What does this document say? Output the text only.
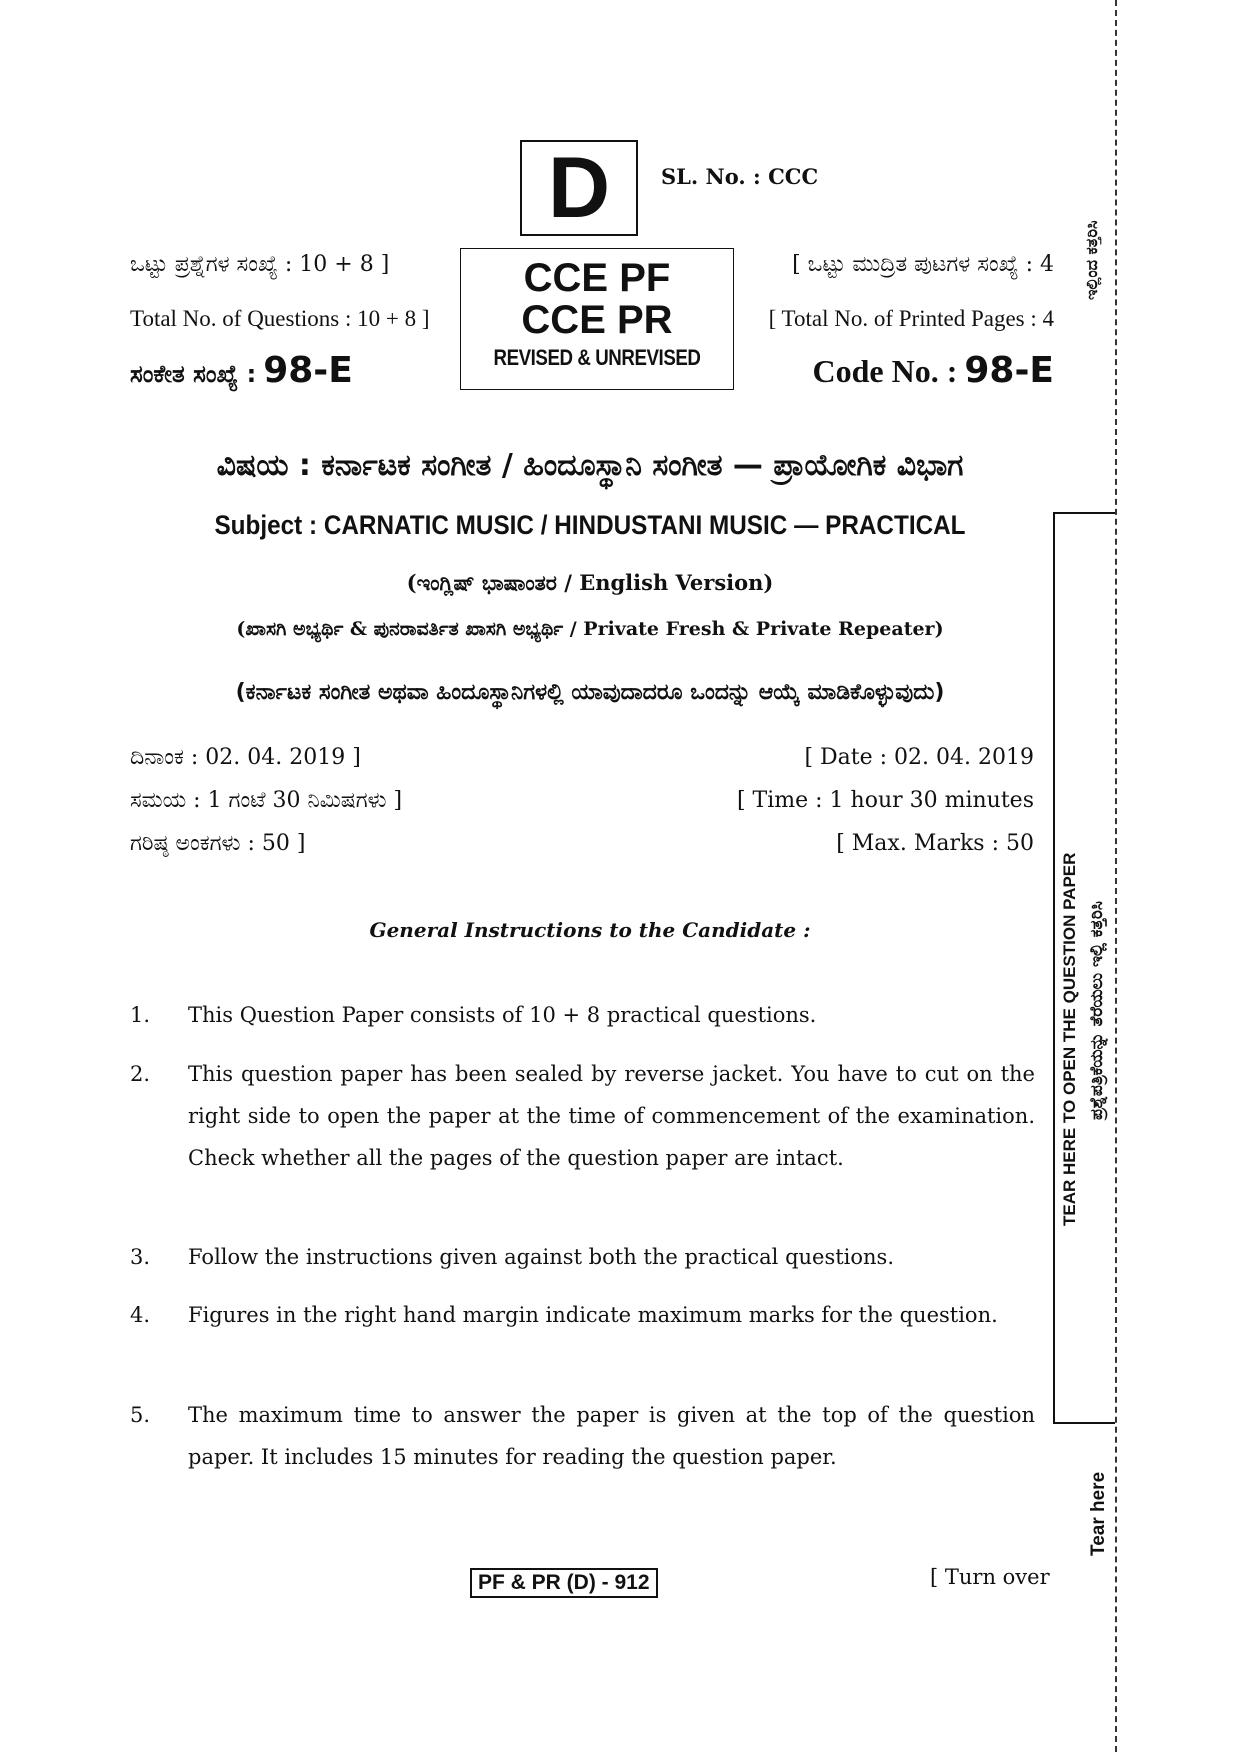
D SL. No. : CCC
ಒಟ್ಟು ಪ್ರಶ್ನೆಗಳ ಸಂಖ್ಯೆ : 10 + 8 ]
Total No. of Questions : 10 + 8 ]
ಸಂಕೇತ ಸಂಖ್ಯೆ : 98-E
CCE PF
CCE PR
REVISED & UNREVISED
[ ಒಟ್ಟು ಮುದ್ರಿತ ಪುಟಗಳ ಸಂಖ್ಯೆ : 4
[ Total No. of Printed Pages : 4
Code No. : 98-E
ವಿಷಯ : ಕರ್ನಾಟಕ ಸಂಗೀತ / ಹಿಂದೂಸ್ಥಾನಿ ಸಂಗೀತ — ಪ್ರಾಯೋಗಿಕ ವಿಭಾಗ
Subject : CARNATIC MUSIC / HINDUSTANI MUSIC — PRACTICAL
(ಇಂಗ್ಲಿಷ್ ಭಾಷಾಂತರ / English Version)
(ಖಾಸಗಿ ಅಭ್ಯರ್ಥಿ & ಪುನರಾವರ್ತಿತ ಖಾಸಗಿ ಅಭ್ಯರ್ಥಿ / Private Fresh & Private Repeater)
(ಕರ್ನಾಟಕ ಸಂಗೀತ ಅಥವಾ ಹಿಂದೂಸ್ಥಾನಿಗಳಲ್ಲಿ ಯಾವುದಾದರೂ ಒಂದನ್ನು ಆಯ್ಕೆ ಮಾಡಿಕೊಳ್ಳುವುದು)
ದಿನಾಂಕ : 02. 04. 2019 ]	[ Date : 02. 04. 2019
ಸಮಯ : 1 ಗಂಟೆ 30 ನಿಮಿಷಗಳು ]	[ Time : 1 hour 30 minutes
ಗರಿಷ್ಠ ಅಂಕಗಳು : 50 ]	[ Max. Marks : 50
General Instructions to the Candidate :
1. This Question Paper consists of 10 + 8 practical questions.
2. This question paper has been sealed by reverse jacket. You have to cut on the right side to open the paper at the time of commencement of the examination. Check whether all the pages of the question paper are intact.
3. Follow the instructions given against both the practical questions.
4. Figures in the right hand margin indicate maximum marks for the question.
5. The maximum time to answer the paper is given at the top of the question paper. It includes 15 minutes for reading the question paper.
PF & PR (D) - 912	[ Turn over
TEAR HERE TO OPEN THE QUESTION PAPER ಪ್ರಶ್ನೆಪತ್ರಿಕೆಯನ್ನು ತೆರೆಯಲು ಇಲ್ಲಿ ಕತ್ತರಿಸಿ
ಇಲ್ಲಿಂದ ಕತ್ತರಿಸಿ
Tear here
